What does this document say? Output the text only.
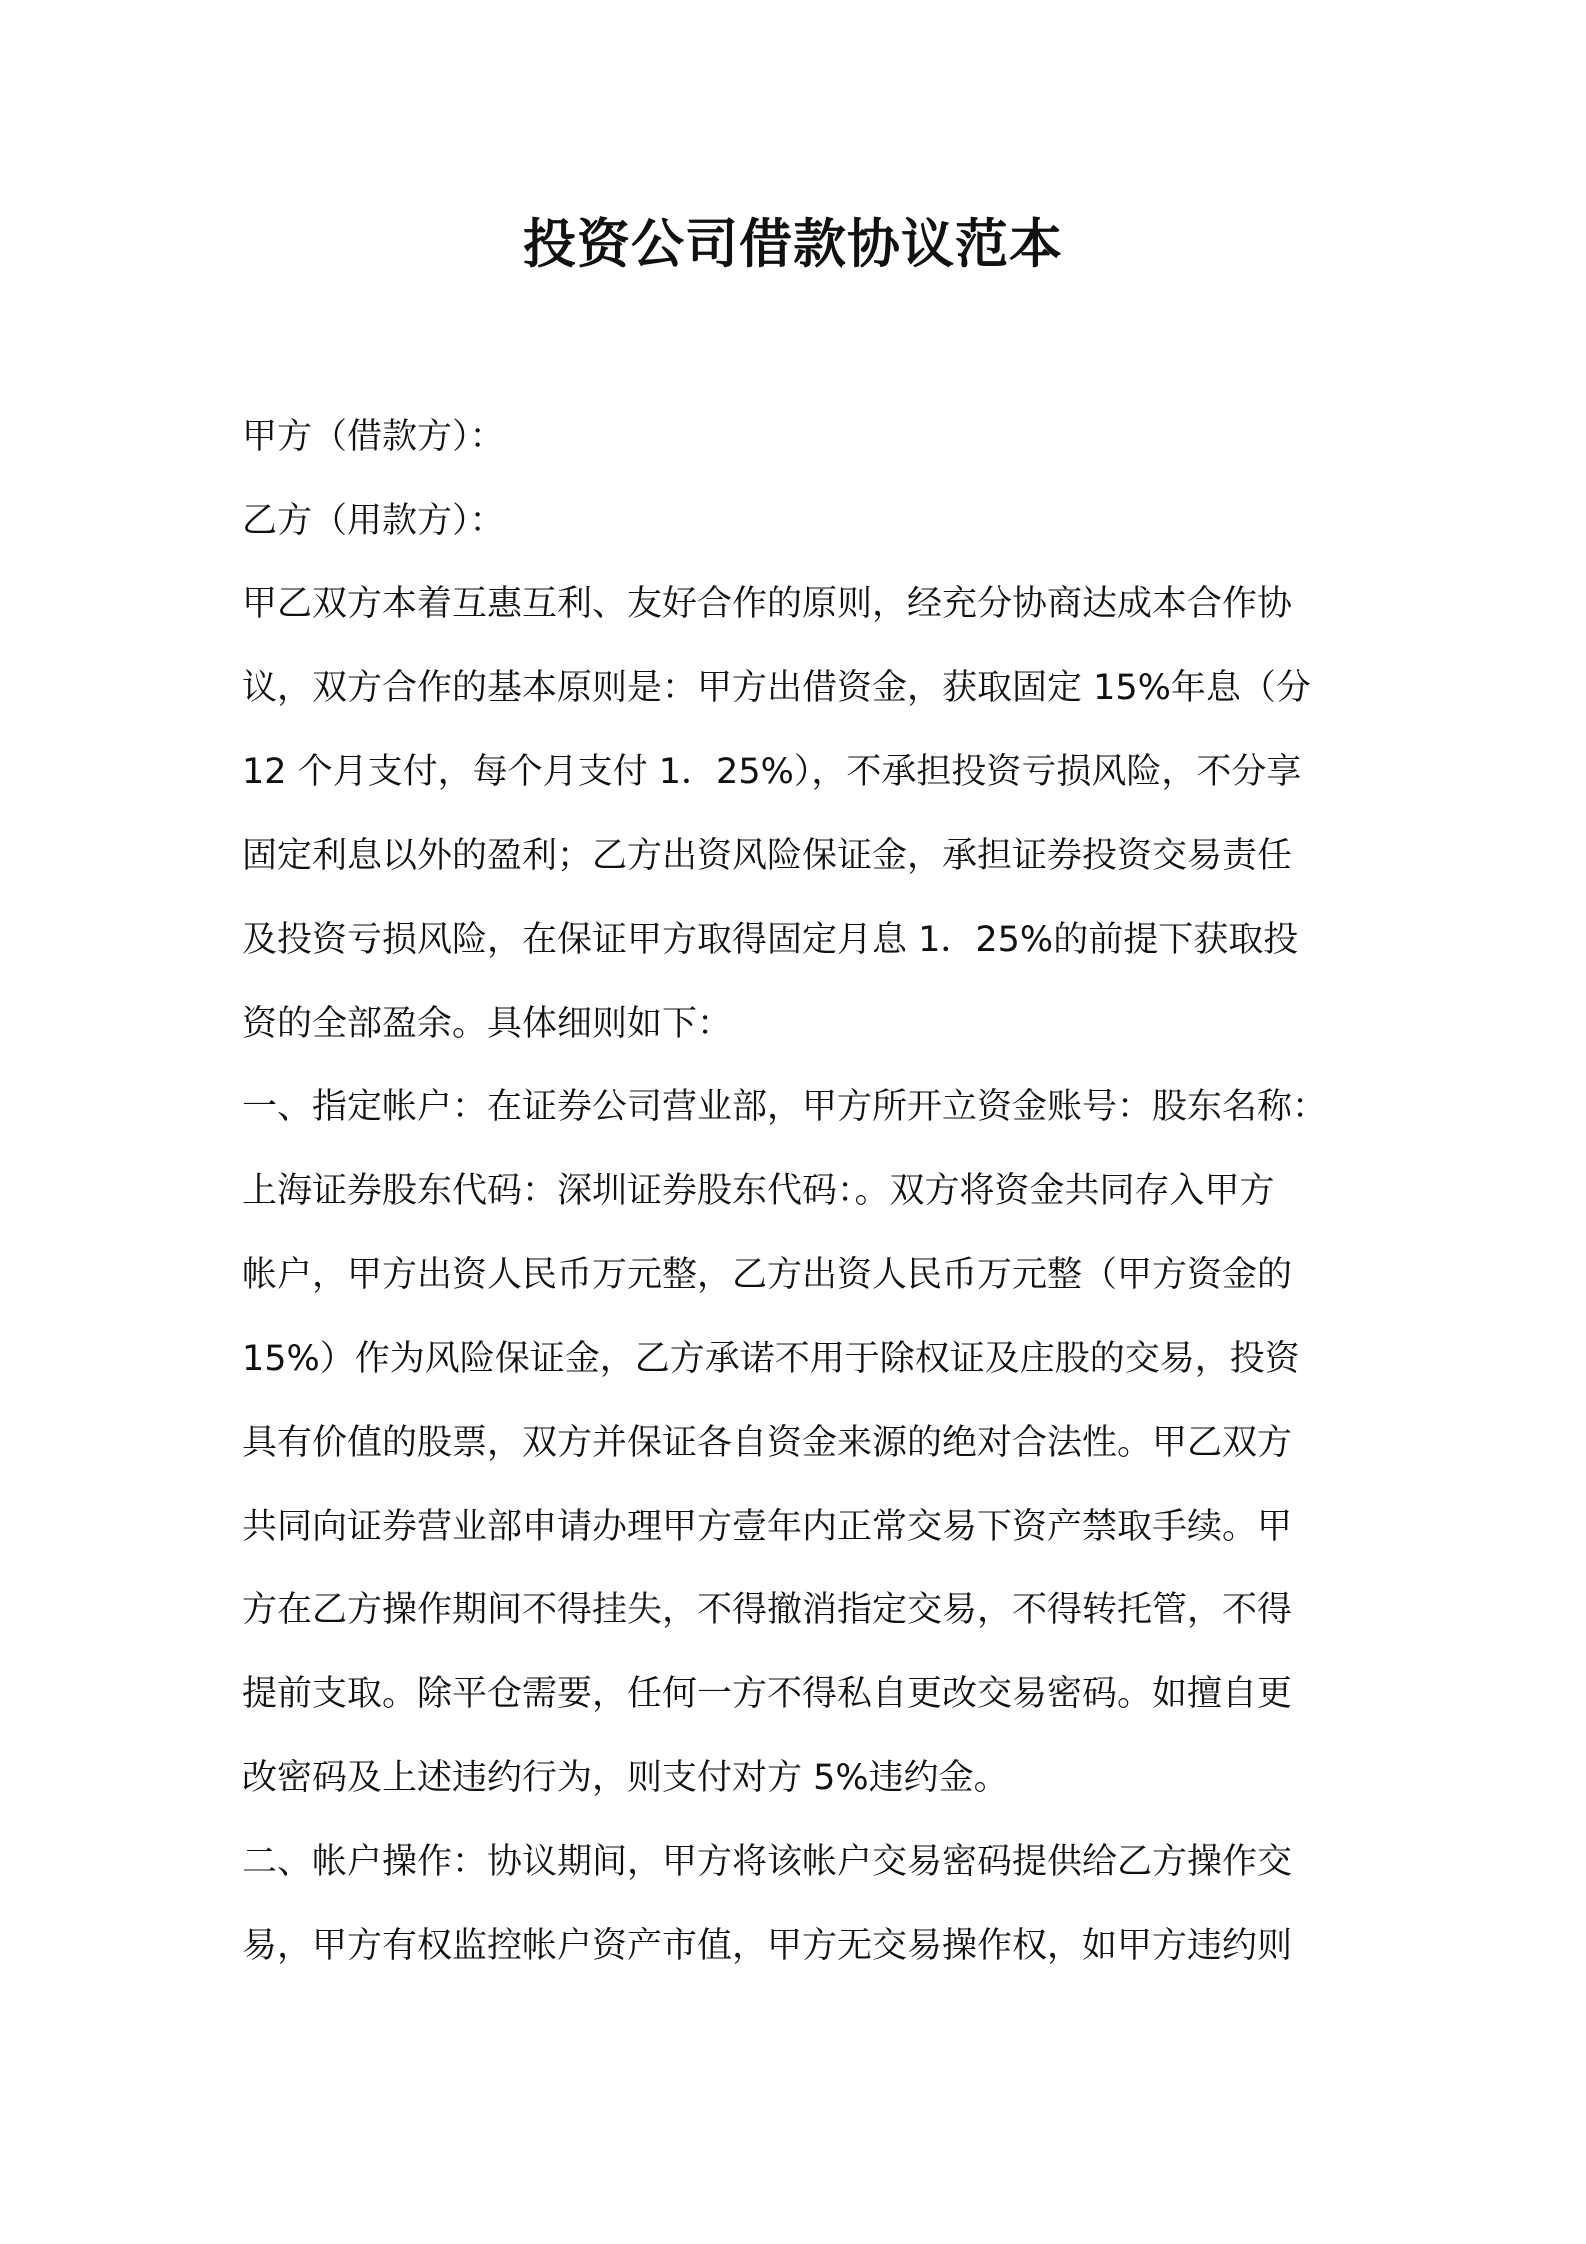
投资公司借款协议范本
甲方（借款方）：
乙方（用款方）：
甲乙双方本着互惠互利、友好合作的原则，经充分协商达成本合作协
议，双方合作的基本原则是：甲方出借资金，获取固定 15%年息（分
12 个月支付，每个月支付 1．25%），不承担投资亏损风险，不分享
固定利息以外的盈利；乙方出资风险保证金，承担证券投资交易责任
及投资亏损风险，在保证甲方取得固定月息 1．25%的前提下获取投
资的全部盈余。具体细则如下：
一、指定帐户：在证券公司营业部，甲方所开立资金账号：股东名称：
上海证券股东代码：深圳证券股东代码：。双方将资金共同存入甲方
帐户，甲方出资人民币万元整，乙方出资人民币万元整（甲方资金的
15%）作为风险保证金，乙方承诺不用于除权证及庄股的交易，投资
具有价值的股票，双方并保证各自资金来源的绝对合法性。甲乙双方
共同向证券营业部申请办理甲方壹年内正常交易下资产禁取手续。甲
方在乙方操作期间不得挂失，不得撤消指定交易，不得转托管，不得
提前支取。除平仓需要，任何一方不得私自更改交易密码。如擅自更
改密码及上述违约行为，则支付对方 5%违约金。
二、帐户操作：协议期间，甲方将该帐户交易密码提供给乙方操作交
易，甲方有权监控帐户资产市值，甲方无交易操作权，如甲方违约则
